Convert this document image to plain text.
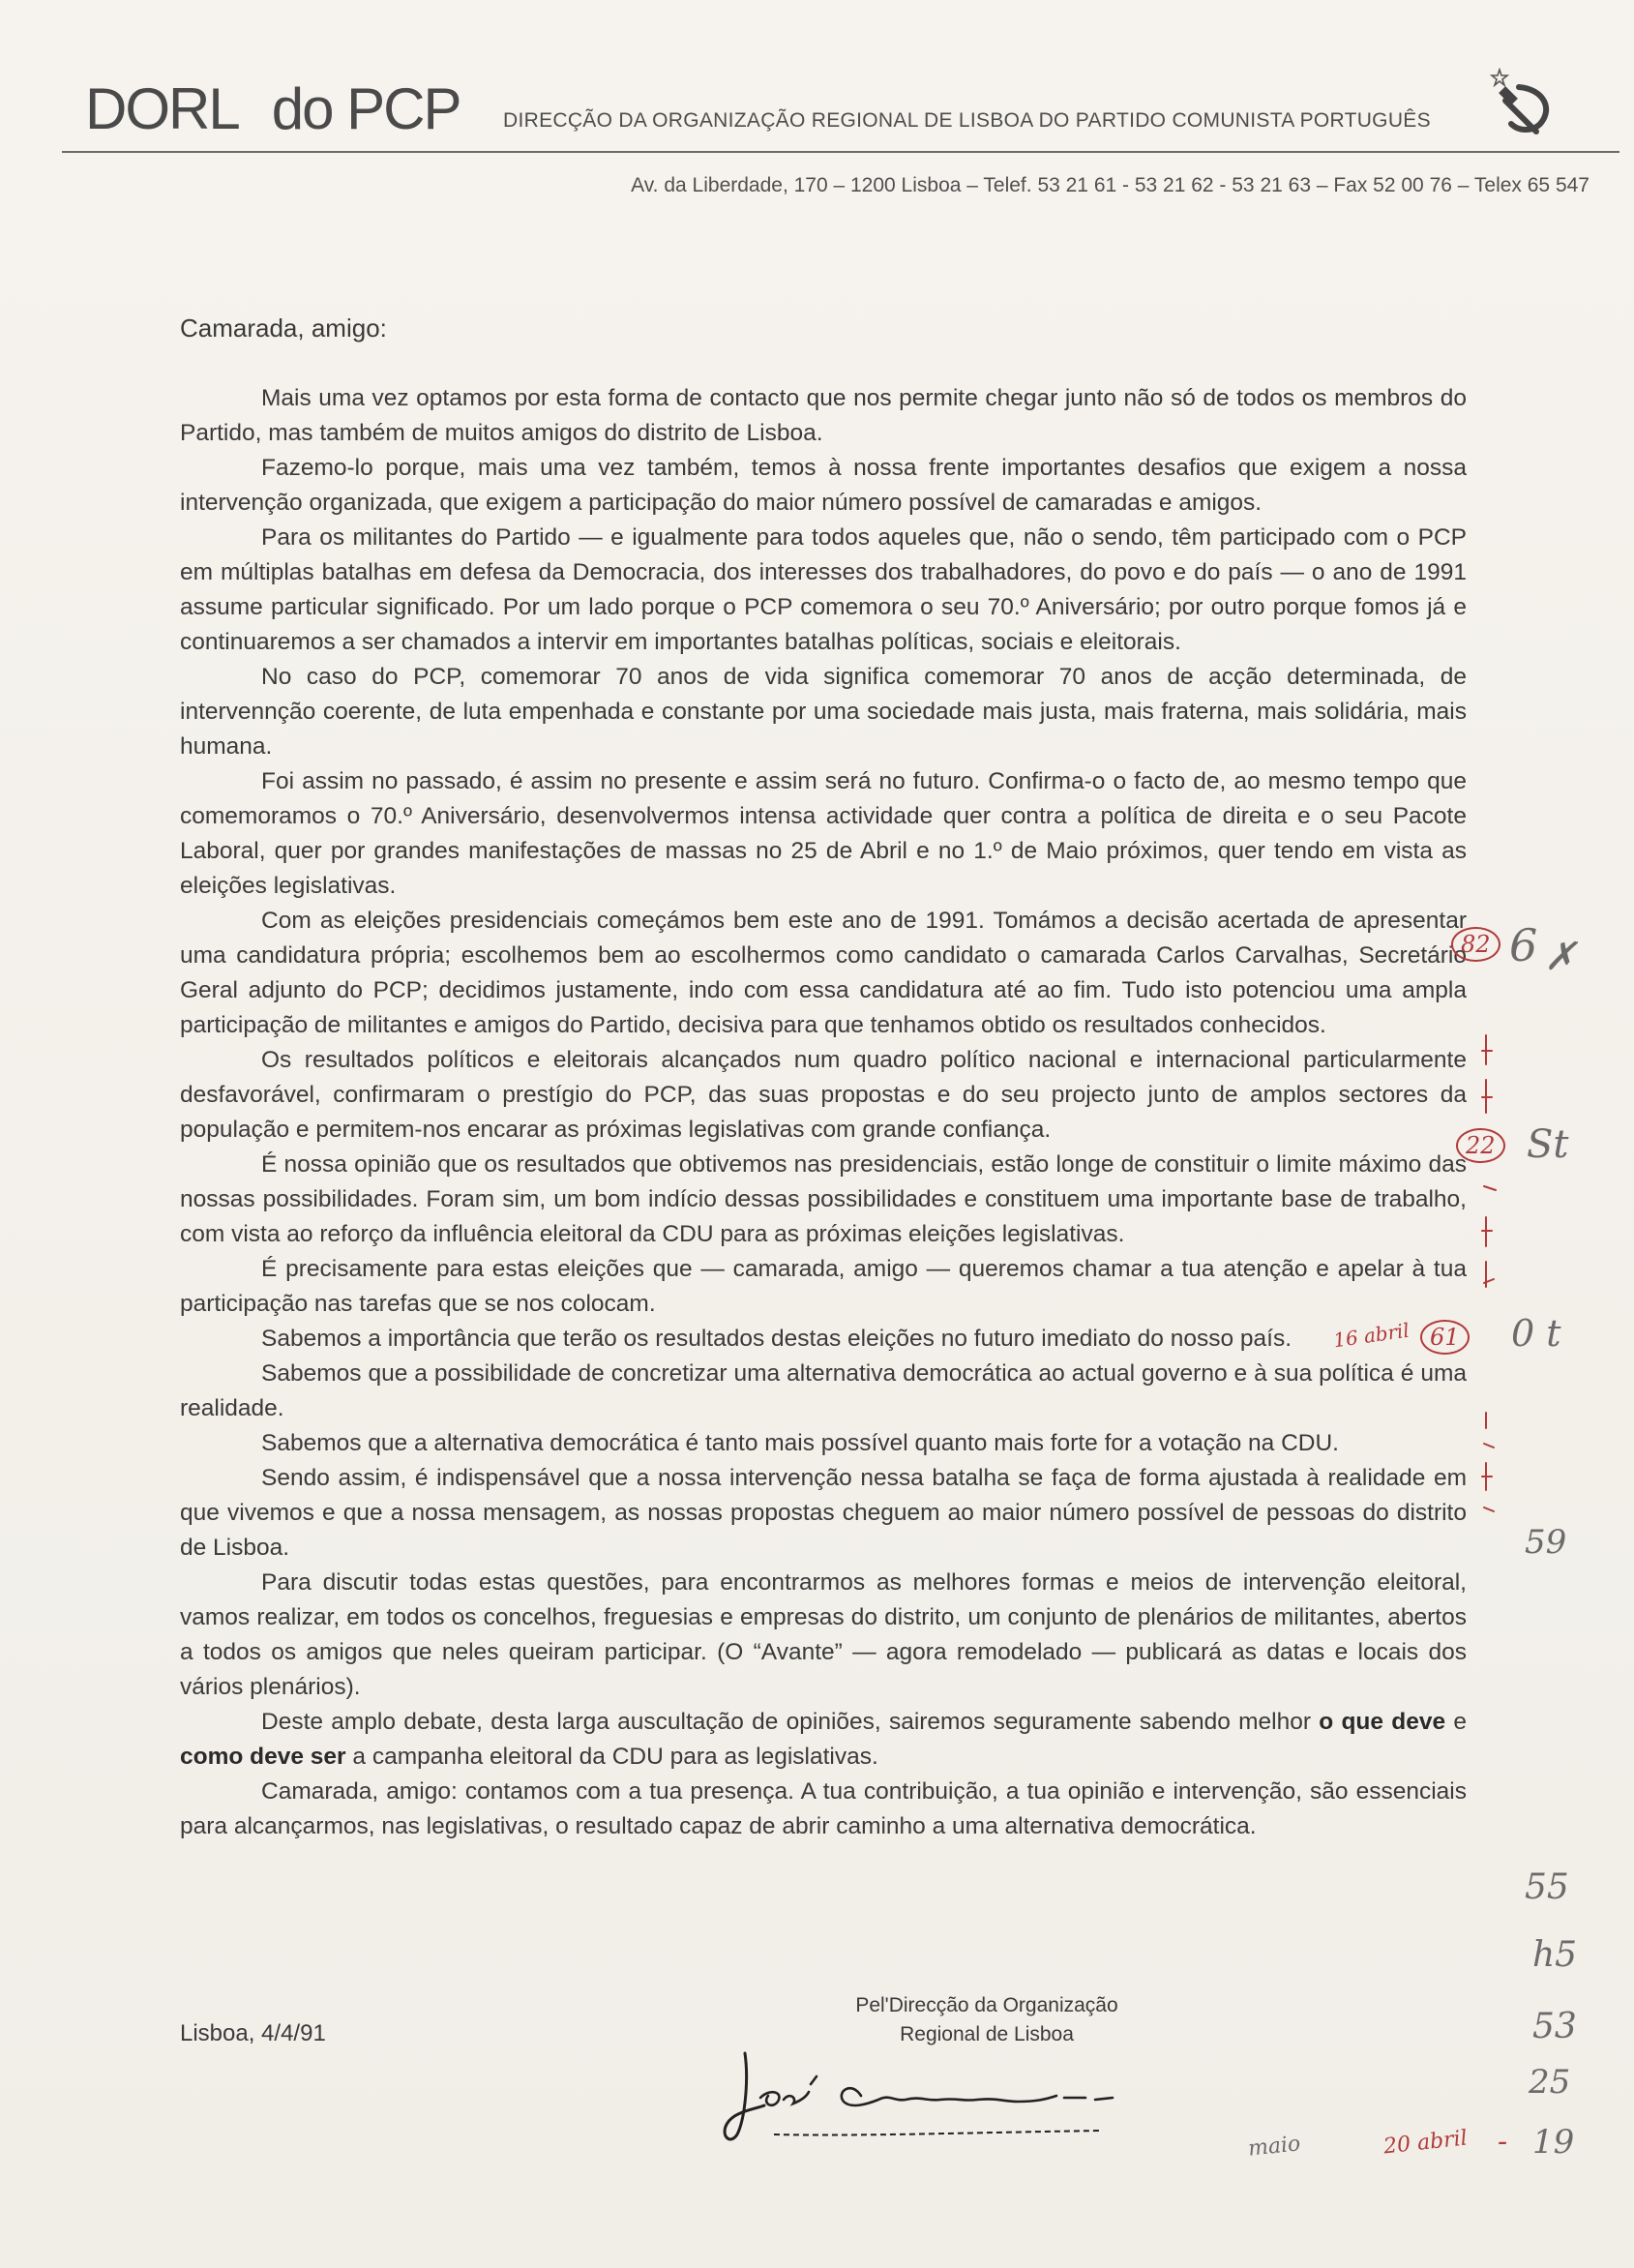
DORL do PCP DIRECÇÃO DA ORGANIZAÇÃO REGIONAL DE LISBOA DO PARTIDO COMUNISTA PORTUGUÊS
Av. da Liberdade, 170 – 1200 Lisboa – Telef. 53 21 61 - 53 21 62 - 53 21 63 – Fax 52 00 76 – Telex 65 547
Camarada, amigo:

Mais uma vez optamos por esta forma de contacto que nos permite chegar junto não só de todos os membros do Partido, mas também de muitos amigos do distrito de Lisboa.

Fazemo-lo porque, mais uma vez também, temos à nossa frente importantes desafios que exigem a nossa intervenção organizada, que exigem a participação do maior número possível de camaradas e amigos.

Para os militantes do Partido — e igualmente para todos aqueles que, não o sendo, têm participado com o PCP em múltiplas batalhas em defesa da Democracia, dos interesses dos trabalhadores, do povo e do país — o ano de 1991 assume particular significado. Por um lado porque o PCP comemora o seu 70.º Aniversário; por outro porque fomos já e continuaremos a ser chamados a intervir em importantes batalhas políticas, sociais e eleitorais.

No caso do PCP, comemorar 70 anos de vida significa comemorar 70 anos de acção determinada, de intervennção coerente, de luta empenhada e constante por uma sociedade mais justa, mais fraterna, mais solidária, mais humana.

Foi assim no passado, é assim no presente e assim será no futuro. Confirma-o o facto de, ao mesmo tempo que comemoramos o 70.º Aniversário, desenvolvermos intensa actividade quer contra a política de direita e o seu Pacote Laboral, quer por grandes manifestações de massas no 25 de Abril e no 1.º de Maio próximos, quer tendo em vista as eleições legislativas.

Com as eleições presidenciais começámos bem este ano de 1991. Tomámos a decisão acertada de apresentar uma candidatura própria; escolhemos bem ao escolhermos como candidato o camarada Carlos Carvalhas, Secretário Geral adjunto do PCP; decidimos justamente, indo com essa candidatura até ao fim. Tudo isto potenciou uma ampla participação de militantes e amigos do Partido, decisiva para que tenhamos obtido os resultados conhecidos.

Os resultados políticos e eleitorais alcançados num quadro político nacional e internacional particularmente desfavorável, confirmaram o prestígio do PCP, das suas propostas e do seu projecto junto de amplos sectores da população e permitem-nos encarar as próximas legislativas com grande confiança.

É nossa opinião que os resultados que obtivemos nas presidenciais, estão longe de constituir o limite máximo das nossas possibilidades. Foram sim, um bom indício dessas possibilidades e constituem uma importante base de trabalho, com vista ao reforço da influência eleitoral da CDU para as próximas eleições legislativas.

É precisamente para estas eleições que — camarada, amigo — queremos chamar a tua atenção e apelar à tua participação nas tarefas que se nos colocam.

Sabemos a importância que terão os resultados destas eleições no futuro imediato do nosso país.

Sabemos que a possibilidade de concretizar uma alternativa democrática ao actual governo e à sua política é uma realidade.

Sabemos que a alternativa democrática é tanto mais possível quanto mais forte for a votação na CDU.

Sendo assim, é indispensável que a nossa intervenção nessa batalha se faça de forma ajustada à realidade em que vivemos e que a nossa mensagem, as nossas propostas cheguem ao maior número possível de pessoas do distrito de Lisboa.

Para discutir todas estas questões, para encontrarmos as melhores formas e meios de intervenção eleitoral, vamos realizar, em todos os concelhos, freguesias e empresas do distrito, um conjunto de plenários de militantes, abertos a todos os amigos que neles queiram participar. (O “Avante” — agora remodelado — publicará as datas e locais dos vários plenários).

Deste amplo debate, desta larga auscultação de opiniões, sairemos seguramente sabendo melhor o que deve e como deve ser a campanha eleitoral da CDU para as legislativas.

Camarada, amigo: contamos com a tua presença. A tua contribuição, a tua opinião e intervenção, são essenciais para alcançarmos, nas legislativas, o resultado capaz de abrir caminho a uma alternativa democrática.

Lisboa, 4/4/91
Pel'Direcção da Organização
Regional de Lisboa
82 6 ✗
22 St
16 abril 61 0 t
59
55
h5
53
25
19
-
maio	20 abril
